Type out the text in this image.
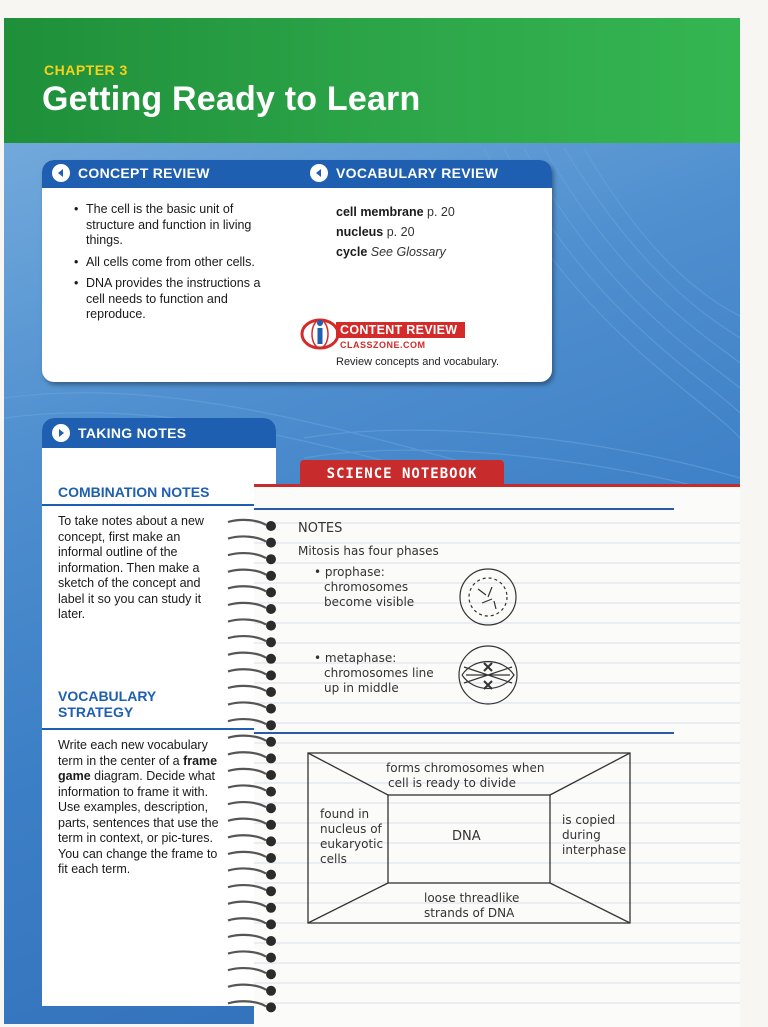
CHAPTER 3
Getting Ready to Learn
CONCEPT REVIEW	VOCABULARY REVIEW
• The cell is the basic unit of structure and function in living things.
• All cells come from other cells.
• DNA provides the instructions a cell needs to function and reproduce.
cell membrane p. 20
nucleus p. 20
cycle See Glossary
CONTENT REVIEW
CLASSZONE.COM
Review concepts and vocabulary.
TAKING NOTES
COMBINATION NOTES
To take notes about a new concept, first make an informal outline of the information. Then make a sketch of the concept and label it so you can study it later.
VOCABULARY
STRATEGY
Write each new vocabulary term in the center of a frame game diagram. Decide what information to frame it with. Use examples, description, parts, sentences that use the term in context, or pic-tures. You can change the frame to fit each term.
See the Note-Taking Handbook on pages R45–R51.
72 Unit 1: Cells and Heredity
SCIENCE NOTEBOOK
NOTES
Mitosis has four phases
• prophase:
chromosomes
become visible
• metaphase:
chromosomes line
up in middle
forms chromosomes when
cell is ready to divide
found in
nucleus of
eukaryotic
cells
DNA
is copied
during
interphase
loose threadlike
strands of DNA
